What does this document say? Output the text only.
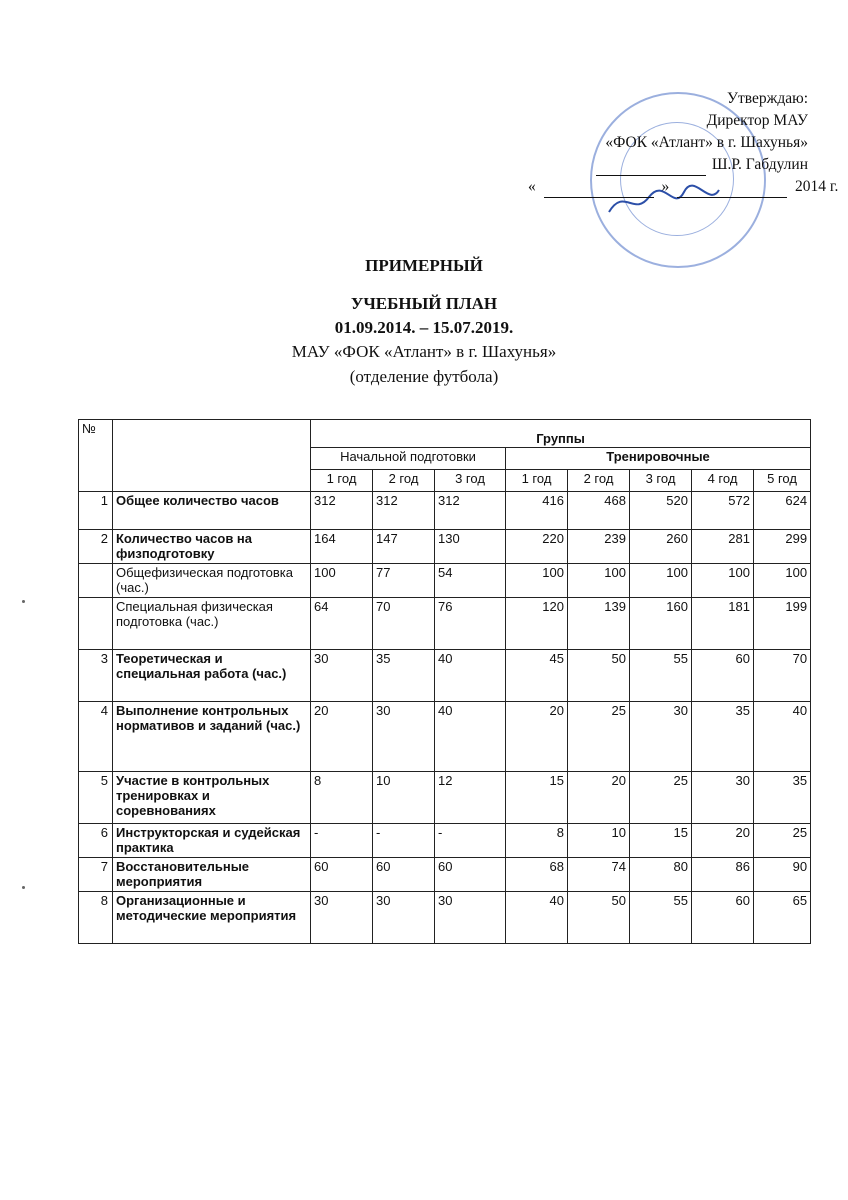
Утверждаю:
Директор МАУ
«ФОК «Атлант» в г. Шахунья»
Ш.Р. Габдулин
«	»	2014 г.
ПРИМЕРНЫЙ
УЧЕБНЫЙ ПЛАН
01.09.2014. – 15.07.2019.
МАУ «ФОК «Атлант» в г. Шахунья»
(отделение футбола)
№		Группы							
		Начальной подготовки			Тренировочные				
		1 год	2 год	3 год	1 год	2 год	3 год	4 год	5 год
1	Общее количество часов	312	312	312	416	468	520	572	624
2	Количество часов на физподготовку	164	147	130	220	239	260	281	299
	Общефизическая подготовка (час.)	100	77	54	100	100	100	100	100
	Специальная физическая подготовка (час.)	64	70	76	120	139	160	181	199
3	Теоретическая и специальная работа (час.)	30	35	40	45	50	55	60	70
4	Выполнение контрольных нормативов и заданий (час.)	20	30	40	20	25	30	35	40
5	Участие в контрольных тренировках и соревнованиях	8	10	12	15	20	25	30	35
6	Инструкторская и судейская практика	-	-	-	8	10	15	20	25
7	Восстановительные мероприятия	60	60	60	68	74	80	86	90
8	Организационные и методические мероприятия	30	30	30	40	50	55	60	65
